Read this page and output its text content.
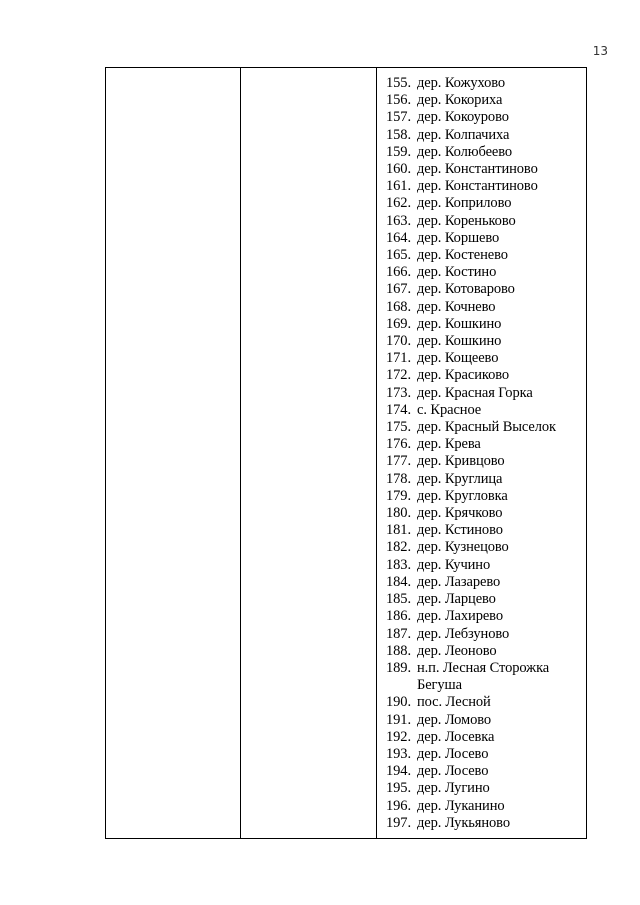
13
155. дер. Кожухово
156. дер. Кокориха
157. дер. Кокоурово
158. дер. Колпачиха
159. дер. Колюбеево
160. дер. Константиново
161. дер. Константиново
162. дер. Коприлово
163. дер. Кореньково
164. дер. Коршево
165. дер. Костенево
166. дер. Костино
167. дер. Котоварово
168. дер. Кочнево
169. дер. Кошкино
170. дер. Кошкино
171. дер. Кощеево
172. дер. Красиково
173. дер. Красная Горка
174. с. Красное
175. дер. Красный Выселок
176. дер. Крева
177. дер. Кривцово
178. дер. Круглица
179. дер. Кругловка
180. дер. Крячково
181. дер. Кстиново
182. дер. Кузнецово
183. дер. Кучино
184. дер. Лазарево
185. дер. Ларцево
186. дер. Лахирево
187. дер. Лебзуново
188. дер. Леоново
189. н.п. Лесная Сторожка Бегуша
190. пос. Лесной
191. дер. Ломово
192. дер. Лосевка
193. дер. Лосево
194. дер. Лосево
195. дер. Лугино
196. дер. Луканино
197. дер. Лукьяново
